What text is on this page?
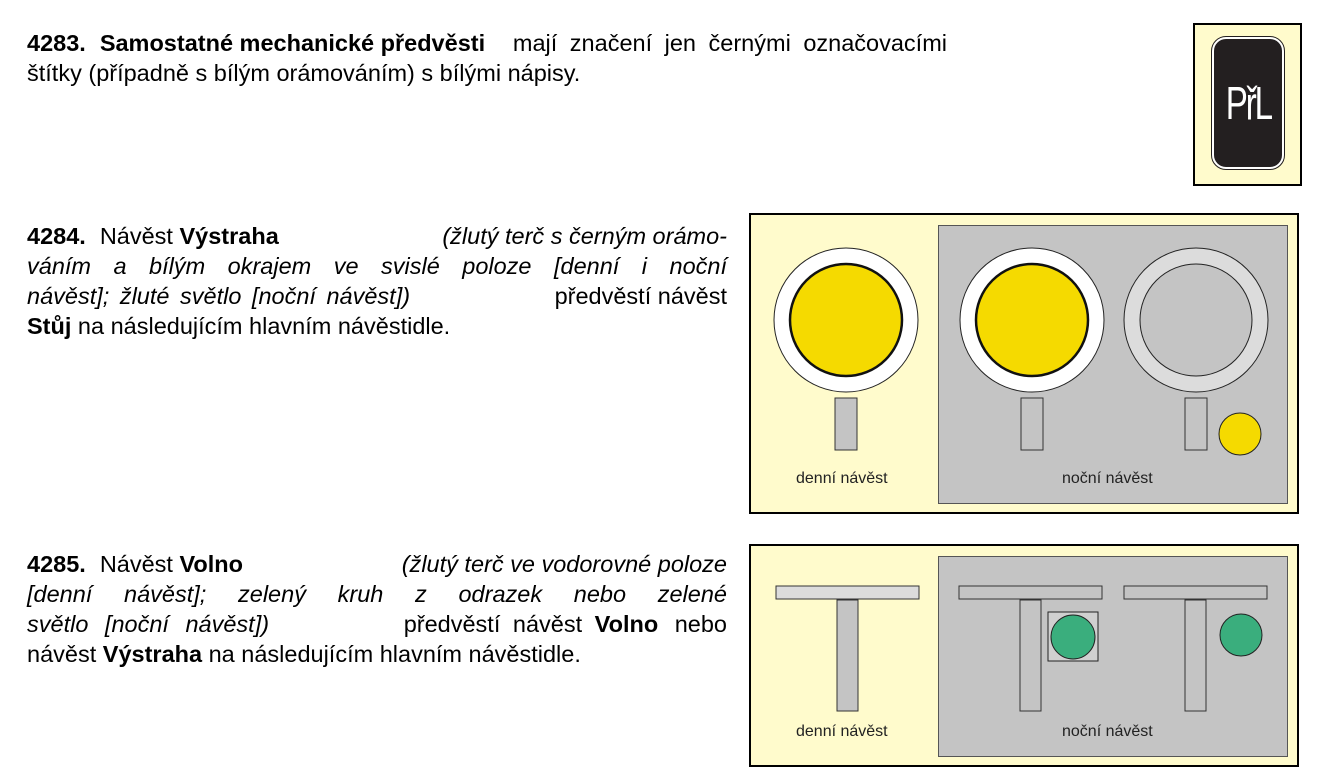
4283. Samostatné mechanické předvěsti mají značení jen černými označovacími
štítky (případně s bílým orámováním) s bílými nápisy.
PřL
4284. Návěst Výstraha	(žlutý terč s černým orámo-
váním a bílým okrajem ve svislé poloze [denní i noční
návěst]; žluté světlo [noční návěst])	předvěstí návěst
Stůj na následujícím hlavním návěstidle.
denní návěst	noční návěst
4285. Návěst Volno	(žlutý terč ve vodorovné poloze
[denní návěst]; zelený kruh z odrazek nebo zelené
světlo [noční návěst])	předvěstí návěst Volno nebo
návěst Výstraha na následujícím hlavním návěstidle.
denní návěst	noční návěst
